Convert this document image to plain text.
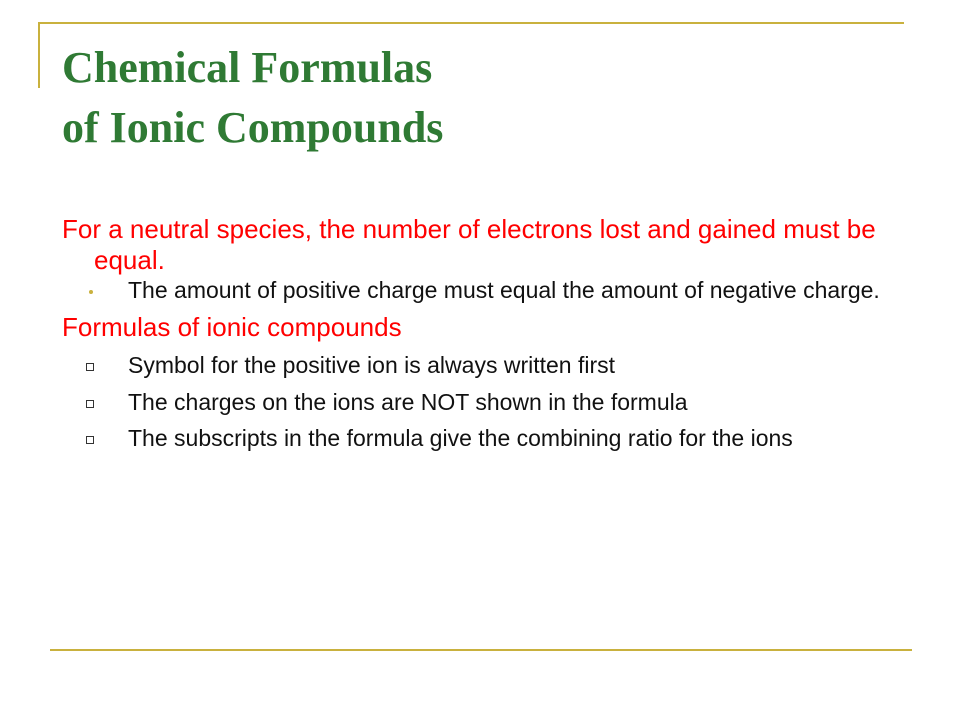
Chemical Formulas
of Ionic Compounds

For a neutral species, the number of electrons lost and gained must be equal.

The amount of positive charge must equal the amount of negative charge.

Formulas of ionic compounds

Symbol for the positive ion is always written first

The charges on the ions are NOT shown in the formula

The subscripts in the formula give the combining ratio for the ions
